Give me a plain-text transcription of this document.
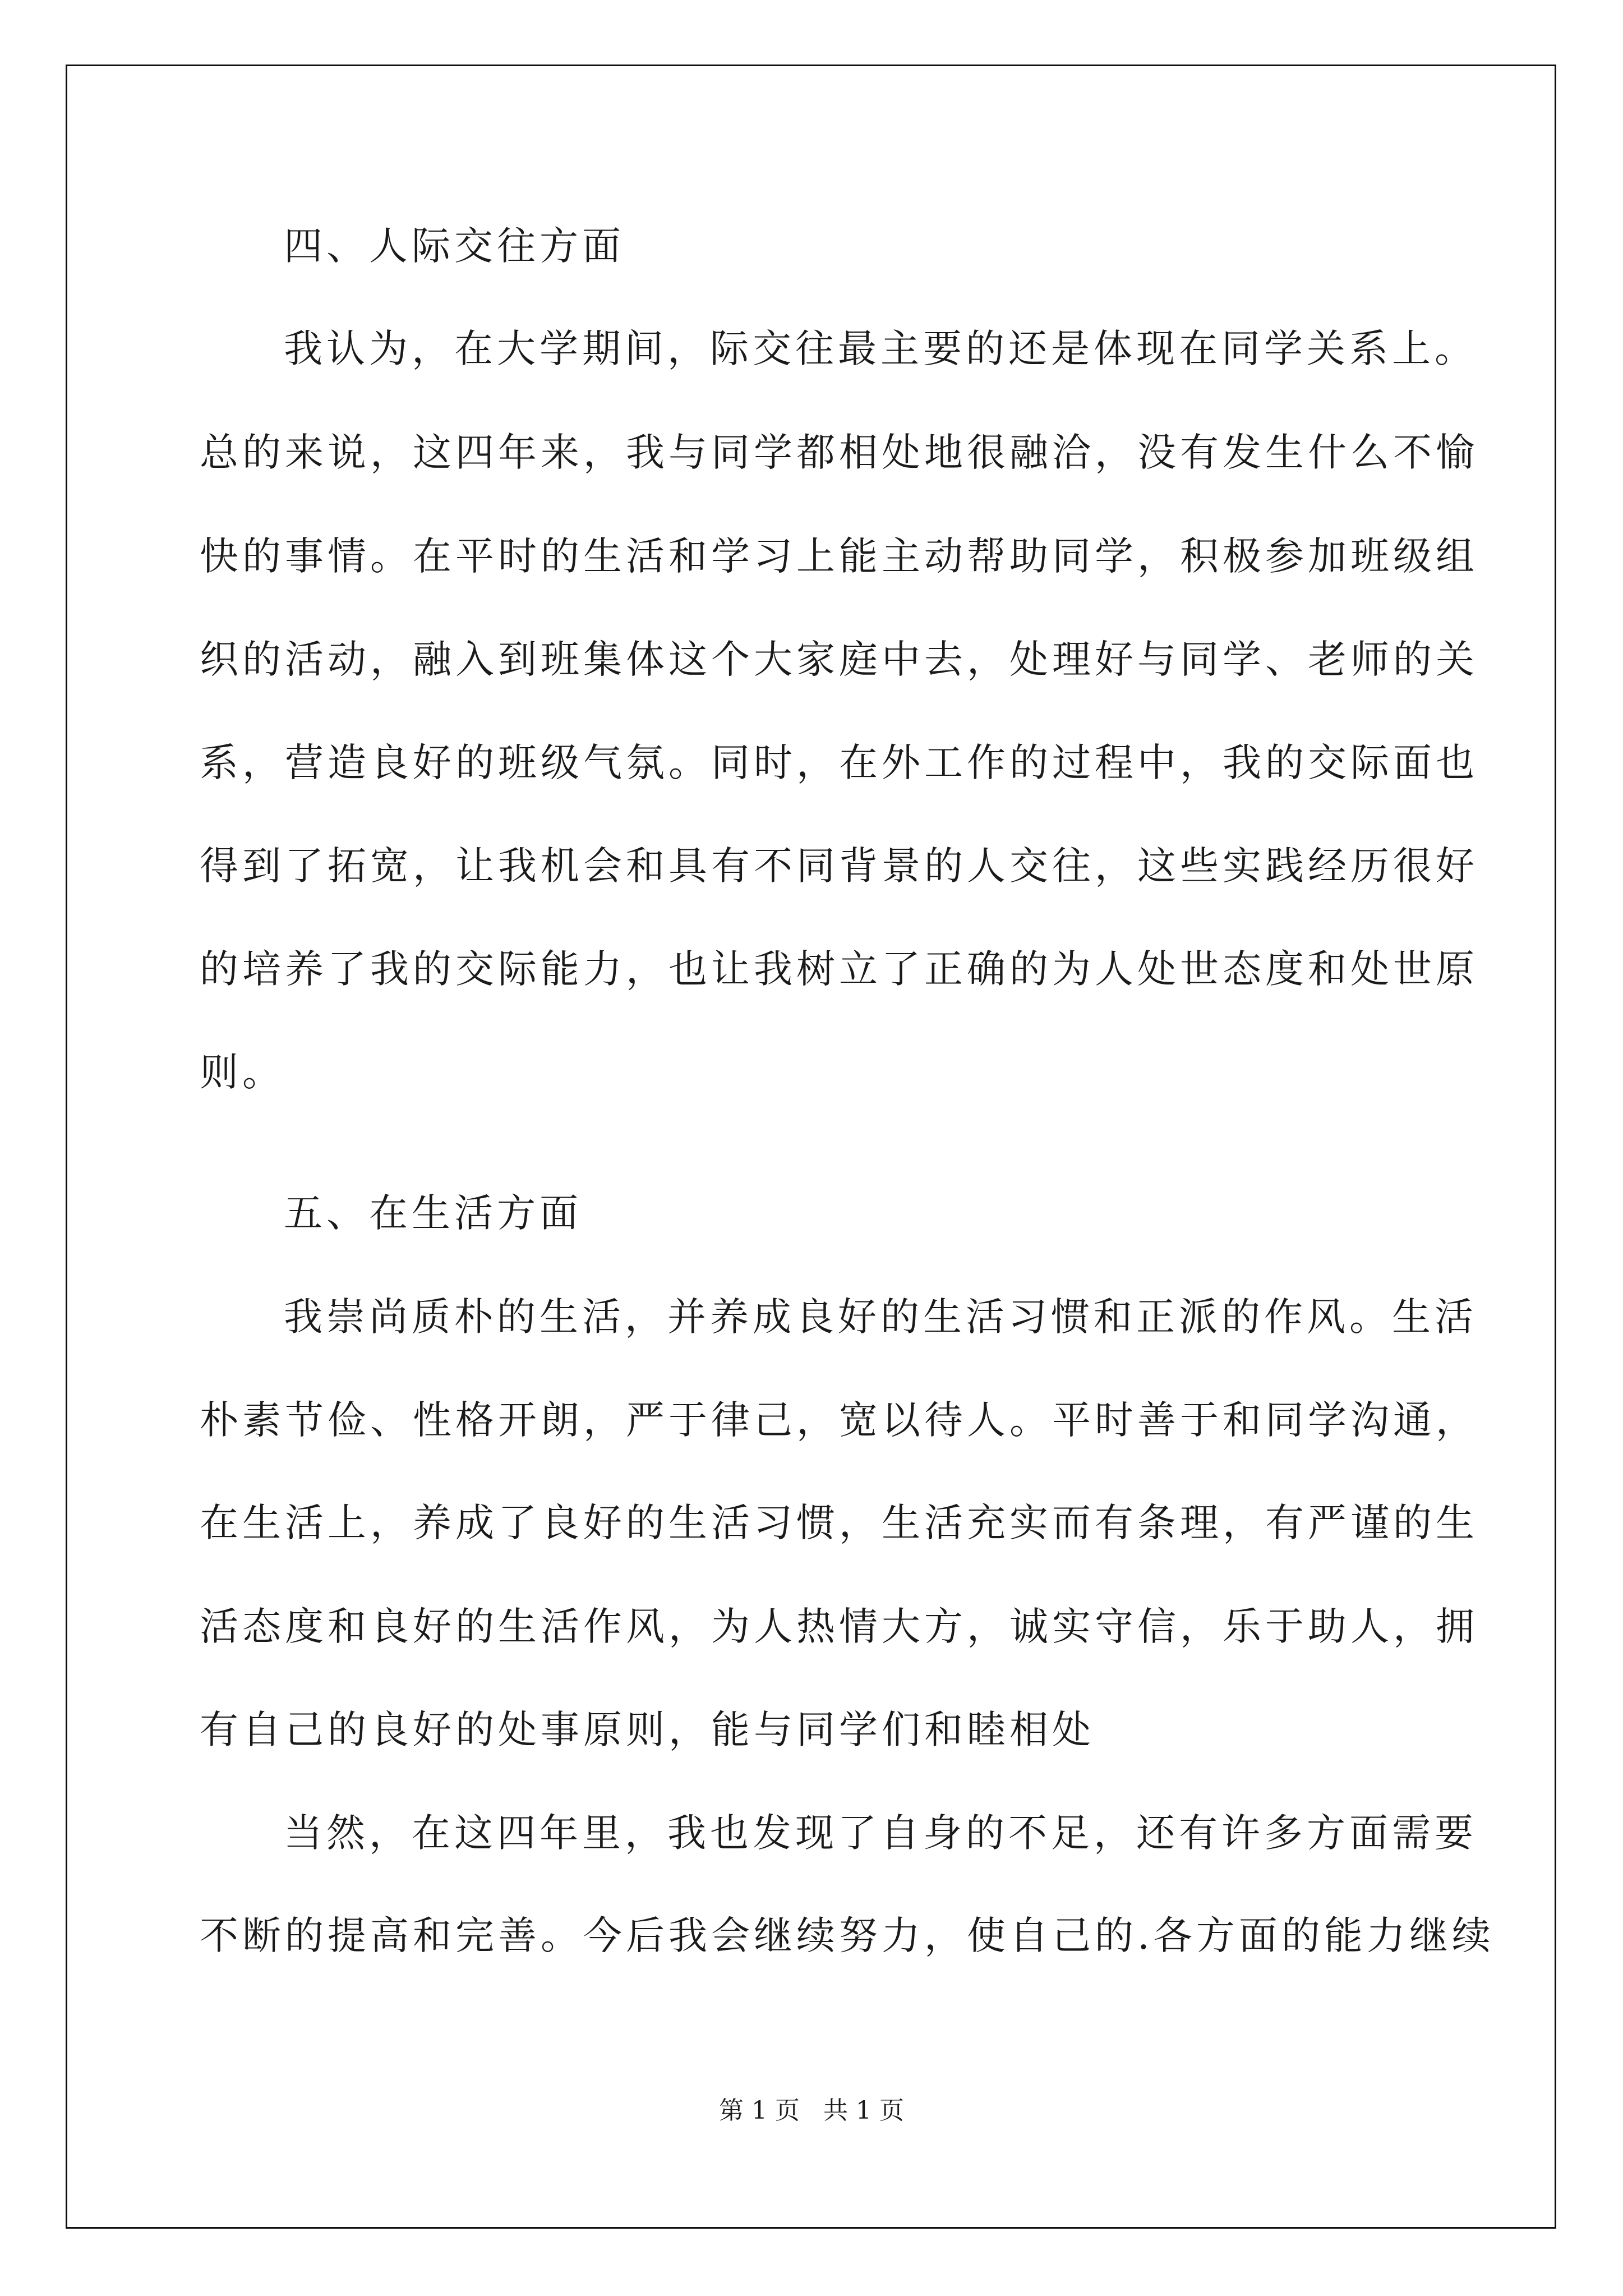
四、人际交往方面
我认为，在大学期间，际交往最主要的还是体现在同学关系上。
总的来说，这四年来，我与同学都相处地很融洽，没有发生什么不愉
快的事情。在平时的生活和学习上能主动帮助同学，积极参加班级组
织的活动，融入到班集体这个大家庭中去，处理好与同学、老师的关
系，营造良好的班级气氛。同时，在外工作的过程中，我的交际面也
得到了拓宽，让我机会和具有不同背景的人交往，这些实践经历很好
的培养了我的交际能力，也让我树立了正确的为人处世态度和处世原
则。
五、在生活方面
我崇尚质朴的生活，并养成良好的生活习惯和正派的作风。生活
朴素节俭、性格开朗，严于律己，宽以待人。平时善于和同学沟通，
在生活上，养成了良好的生活习惯，生活充实而有条理，有严谨的生
活态度和良好的生活作风，为人热情大方，诚实守信，乐于助人，拥
有自己的良好的处事原则，能与同学们和睦相处
当然，在这四年里，我也发现了自身的不足，还有许多方面需要
不断的提高和完善。今后我会继续努力，使自己的.各方面的能力继续
第 1 页   共 1 页
